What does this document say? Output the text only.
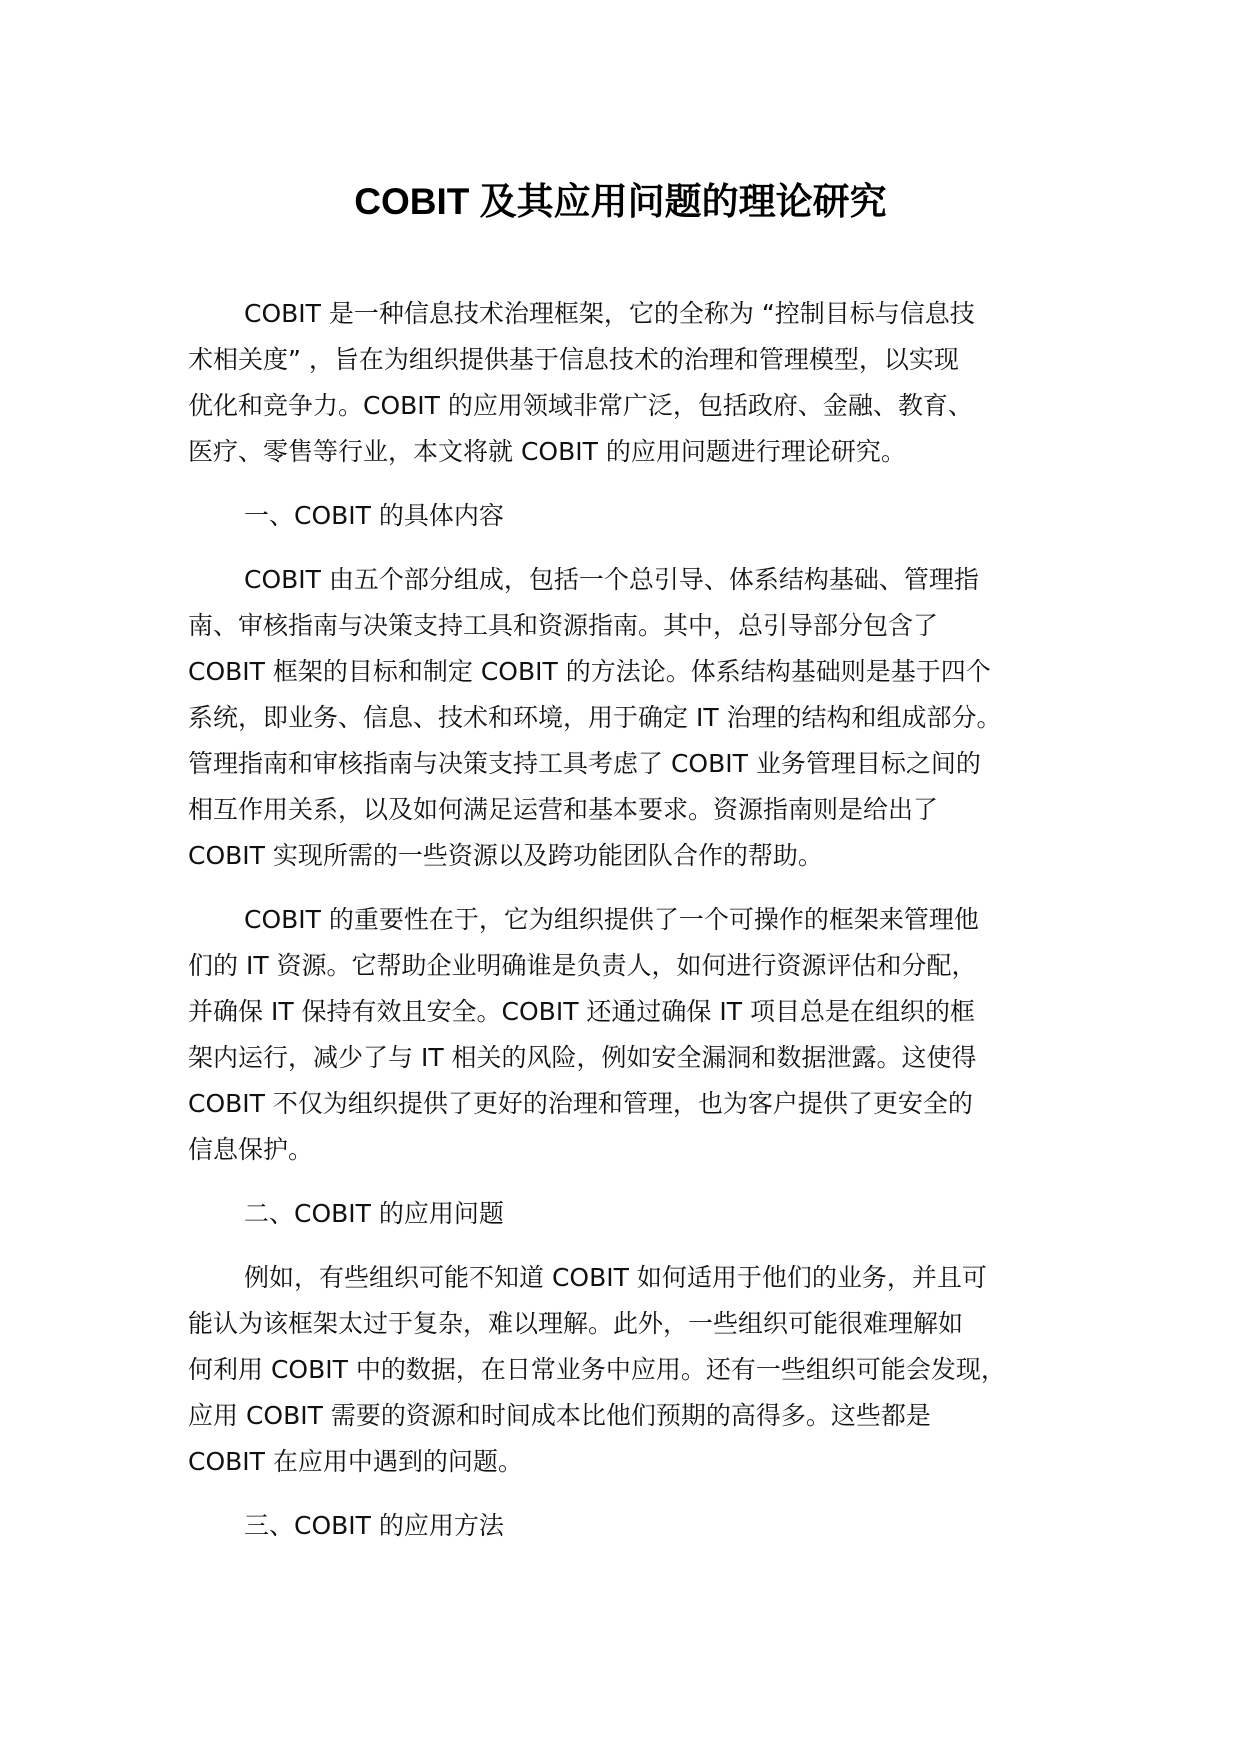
COBIT 及其应用问题的理论研究
COBIT 是一种信息技术治理框架，它的全称为 “控制目标与信息技
术相关度” ，旨在为组织提供基于信息技术的治理和管理模型，以实现
优化和竞争力。COBIT 的应用领域非常广泛，包括政府、金融、教育、
医疗、零售等行业，本文将就 COBIT 的应用问题进行理论研究。
一、COBIT 的具体内容
COBIT 由五个部分组成，包括一个总引导、体系结构基础、管理指
南、审核指南与决策支持工具和资源指南。其中，总引导部分包含了
COBIT 框架的目标和制定 COBIT 的方法论。体系结构基础则是基于四个
系统，即业务、信息、技术和环境，用于确定 IT 治理的结构和组成部分。
管理指南和审核指南与决策支持工具考虑了 COBIT 业务管理目标之间的
相互作用关系，以及如何满足运营和基本要求。资源指南则是给出了
COBIT 实现所需的一些资源以及跨功能团队合作的帮助。
COBIT 的重要性在于，它为组织提供了一个可操作的框架来管理他
们的 IT 资源。它帮助企业明确谁是负责人，如何进行资源评估和分配，
并确保 IT 保持有效且安全。COBIT 还通过确保 IT 项目总是在组织的框
架内运行，减少了与 IT 相关的风险，例如安全漏洞和数据泄露。这使得
COBIT 不仅为组织提供了更好的治理和管理，也为客户提供了更安全的
信息保护。
二、COBIT 的应用问题
例如，有些组织可能不知道 COBIT 如何适用于他们的业务，并且可
能认为该框架太过于复杂，难以理解。此外，一些组织可能很难理解如
何利用 COBIT 中的数据，在日常业务中应用。还有一些组织可能会发现，
应用 COBIT 需要的资源和时间成本比他们预期的高得多。这些都是
COBIT 在应用中遇到的问题。
三、COBIT 的应用方法
